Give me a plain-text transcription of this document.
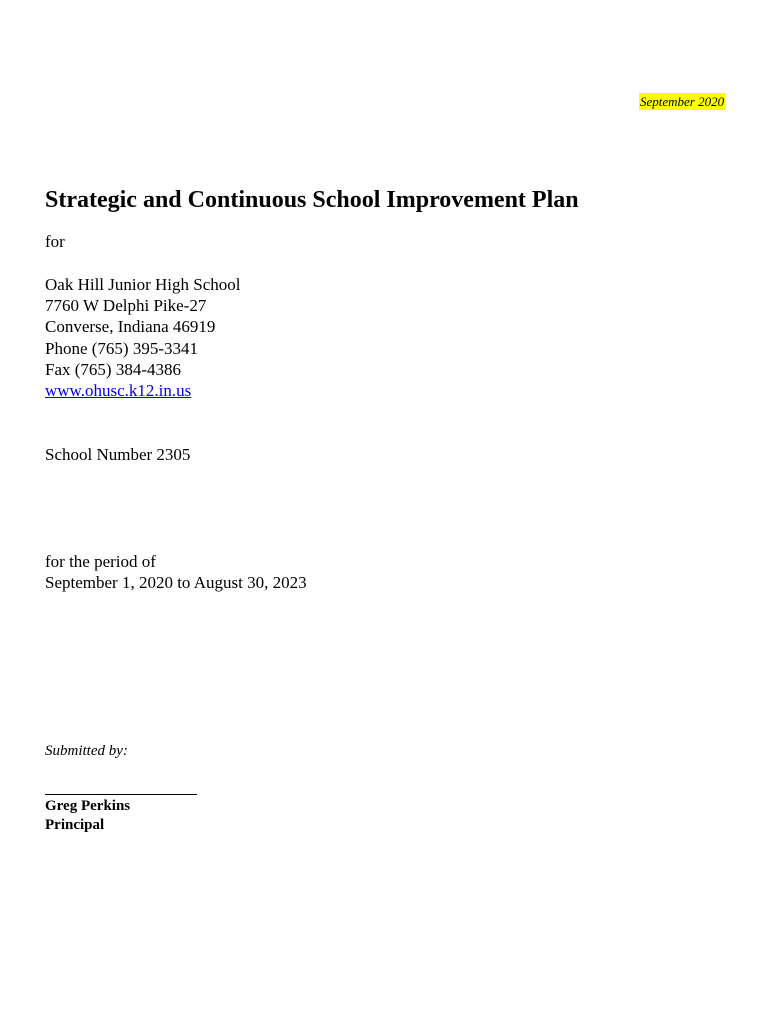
September 2020
Strategic and Continuous School Improvement Plan
for
Oak Hill Junior High School
7760 W Delphi Pike-27
Converse, Indiana 46919
Phone (765) 395-3341
Fax (765) 384-4386
www.ohusc.k12.in.us
School Number 2305
for the period of
September 1, 2020 to August 30, 2023
Submitted by:
Greg Perkins
Principal
